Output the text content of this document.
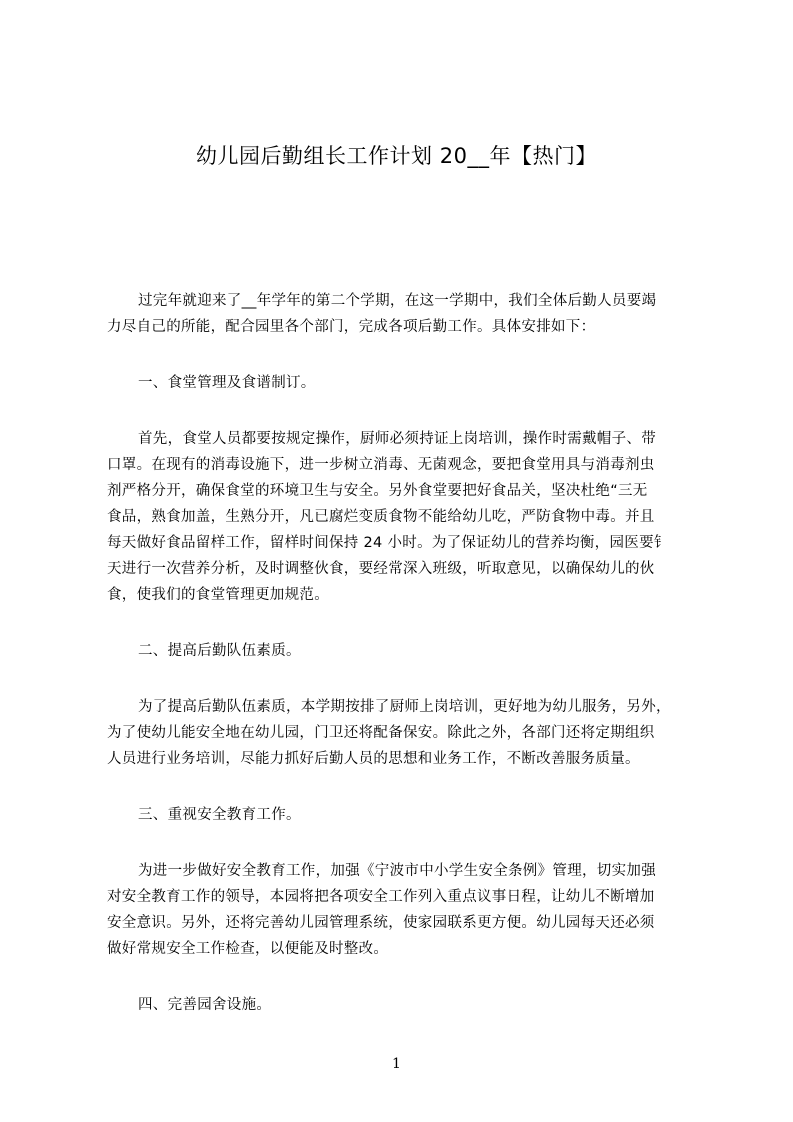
幼儿园后勤组长工作计划 20__年【热门】
过完年就迎来了__年学年的第二个学期，在这一学期中，我们全体后勤人员要竭
力尽自己的所能，配合园里各个部门，完成各项后勤工作。具体安排如下：
一、食堂管理及食谱制订。
首先，食堂人员都要按规定操作，厨师必须持证上岗培训，操作时需戴帽子、带
口罩。在现有的消毒设施下，进一步树立消毒、无菌观念，要把食堂用具与消毒剂虫
剂严格分开，确保食堂的环境卫生与安全。另外食堂要把好食品关，坚决杜绝“三无
食品，熟食加盖，生熟分开，凡已腐烂变质食物不能给幼儿吃，严防食物中毒。并且
每天做好食品留样工作，留样时间保持 24 小时。为了保证幼儿的营养均衡，园医要钅
天进行一次营养分析，及时调整伙食，要经常深入班级，听取意见，以确保幼儿的伙
食，使我们的食堂管理更加规范。
二、提高后勤队伍素质。
为了提高后勤队伍素质，本学期按排了厨师上岗培训，更好地为幼儿服务，另外，
为了使幼儿能安全地在幼儿园，门卫还将配备保安。除此之外，各部门还将定期组织
人员进行业务培训，尽能力抓好后勤人员的思想和业务工作，不断改善服务质量。
三、重视安全教育工作。
为进一步做好安全教育工作，加强《宁波市中小学生安全条例》管理，切实加强
对安全教育工作的领导，本园将把各项安全工作列入重点议事日程，让幼儿不断增加
安全意识。另外，还将完善幼儿园管理系统，使家园联系更方便。幼儿园每天还必须
做好常规安全工作检查，以便能及时整改。
四、完善园舍设施。
1
